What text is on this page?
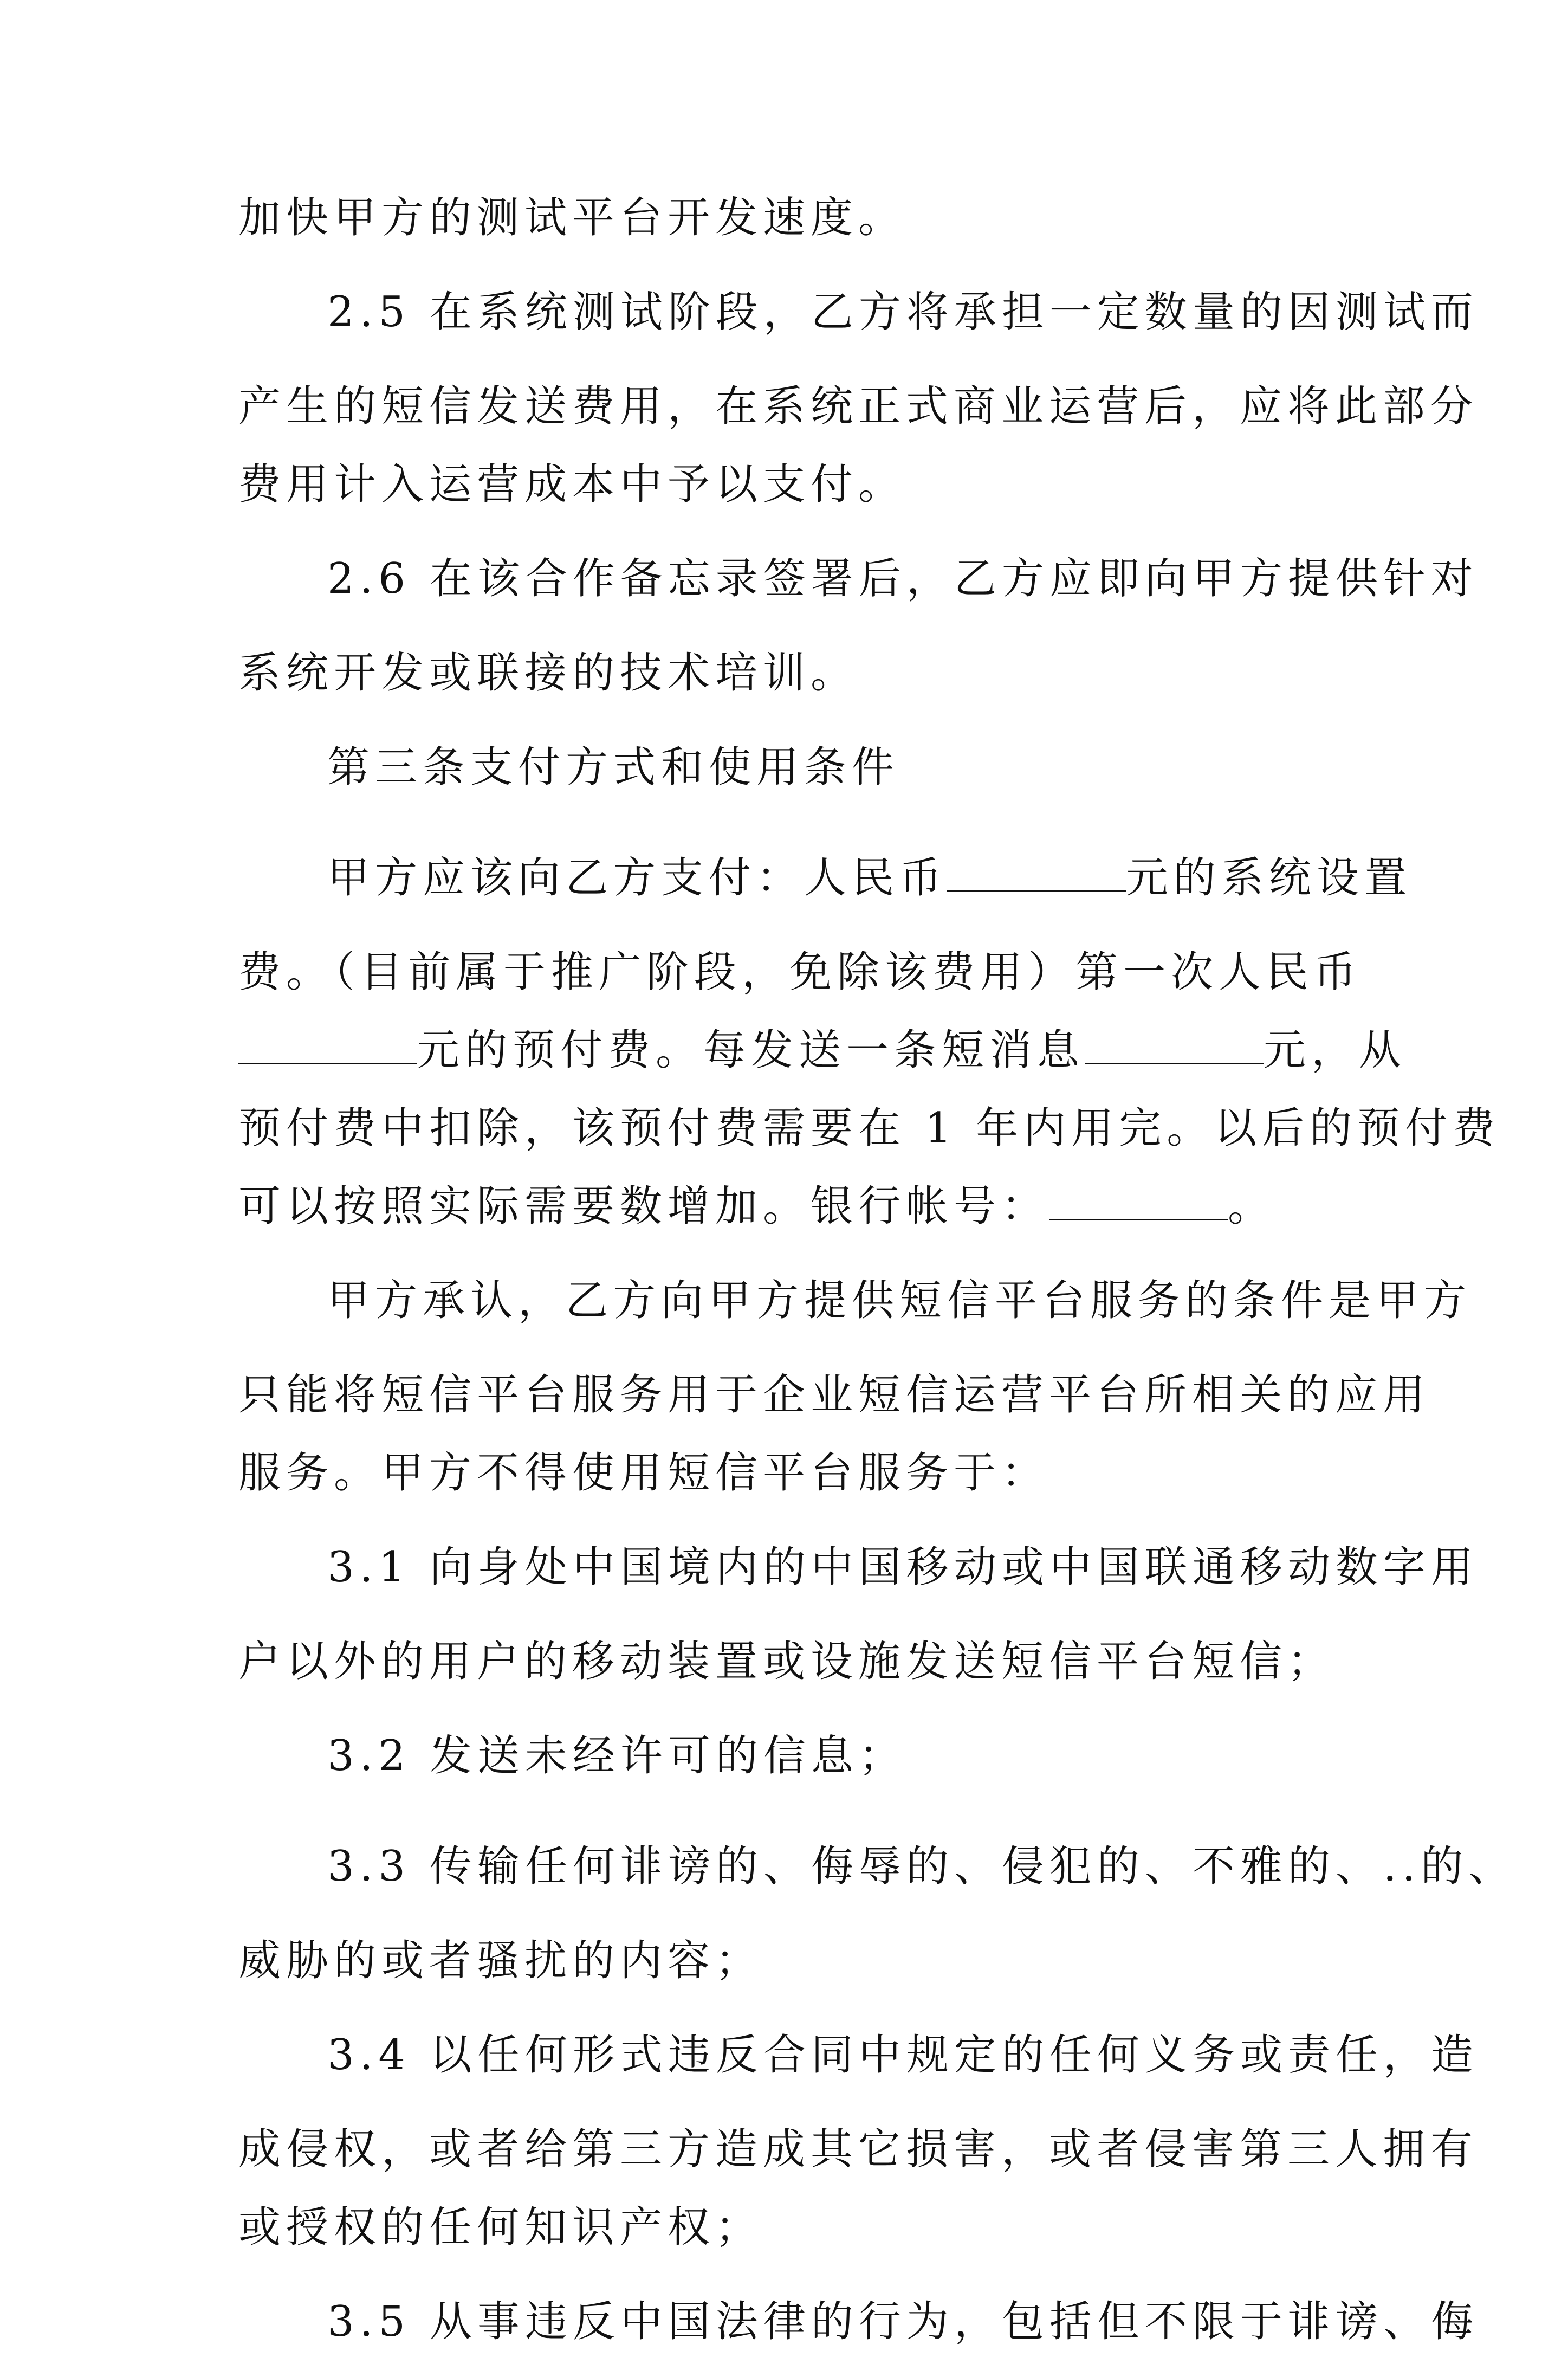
加快甲方的测试平台开发速度。
2.5 在系统测试阶段，乙方将承担一定数量的因测试而
产生的短信发送费用，在系统正式商业运营后，应将此部分
费用计入运营成本中予以支付。
2.6 在该合作备忘录签署后，乙方应即向甲方提供针对
系统开发或联接的技术培训。
第三条支付方式和使用条件
甲方应该向乙方支付：人民币	元的系统设置
费。（目前属于推广阶段，免除该费用）第一次人民币
元的预付费。每发送一条短消息	元，从
预付费中扣除，该预付费需要在 1 年内用完。以后的预付费
可以按照实际需要数增加。银行帐号：	。
甲方承认，乙方向甲方提供短信平台服务的条件是甲方
只能将短信平台服务用于企业短信运营平台所相关的应用
服务。甲方不得使用短信平台服务于：
3.1 向身处中国境内的中国移动或中国联通移动数字用
户以外的用户的移动装置或设施发送短信平台短信；
3.2 发送未经许可的信息；
3.3 传输任何诽谤的、侮辱的、侵犯的、不雅的、..的、
威胁的或者骚扰的内容；
3.4 以任何形式违反合同中规定的任何义务或责任，造
成侵权，或者给第三方造成其它损害，或者侵害第三人拥有
或授权的任何知识产权；
3.5 从事违反中国法律的行为，包括但不限于诽谤、侮
